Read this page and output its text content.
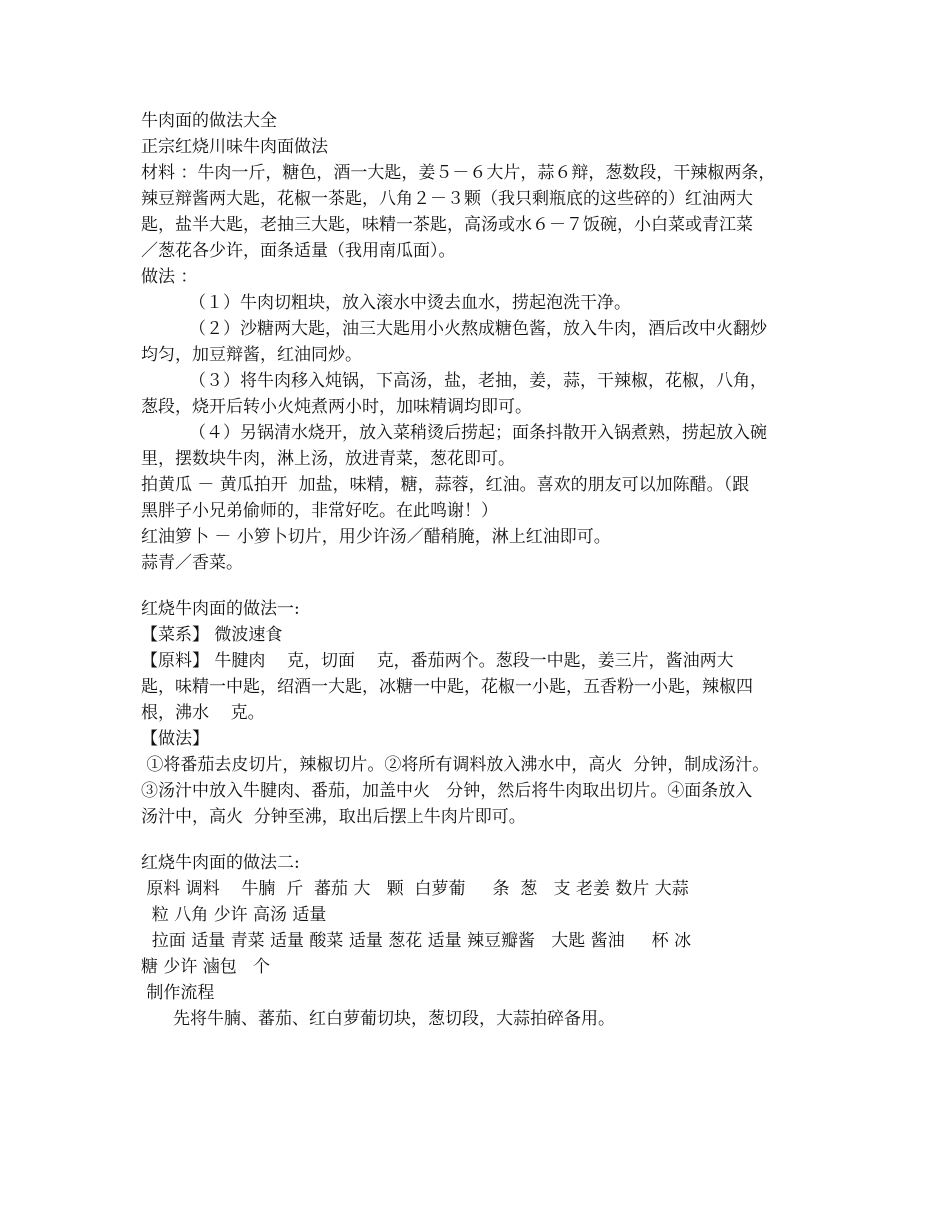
牛肉面的做法大全
正宗红烧川味牛肉面做法
材料 ：牛肉一斤，糖色，酒一大匙，姜５－６大片，蒜６辩，葱数段，干辣椒两条，
辣豆辩酱两大匙，花椒一茶匙，八角２－３颗（我只剩瓶底的这些碎的）红油两大
匙，盐半大匙，老抽三大匙，味精一茶匙，高汤或水６－７饭碗，小白菜或青江菜
／葱花各少许，面条适量（我用南瓜面）。
做法 ：
（１）牛肉切粗块，放入滚水中烫去血水，捞起泡洗干净。
（２）沙糖两大匙，油三大匙用小火熬成糖色酱，放入牛肉，酒后改中火翻炒
均匀，加豆辩酱，红油同炒。
（３）将牛肉移入炖锅，下高汤，盐，老抽，姜，蒜，干辣椒，花椒，八角，
葱段，烧开后转小火炖煮两小时，加味精调均即可。
（４）另锅清水烧开，放入菜稍烫后捞起；面条抖散开入锅煮熟，捞起放入碗
里，摆数块牛肉，淋上汤，放进青菜，葱花即可。
拍黄瓜 － 黄瓜拍开  加盐，味精，糖，蒜蓉，红油。喜欢的朋友可以加陈醋。（跟
黑胖子小兄弟偷师的，非常好吃。在此鸣谢！）
红油箩卜 － 小箩卜切片，用少许汤／醋稍腌，淋上红油即可。
蒜青／香菜。
红烧牛肉面的做法一:
【菜系】 微波速食
【原料】 牛腱肉    克，切面    克，番茄两个。葱段一中匙，姜三片，酱油两大
匙，味精一中匙，绍酒一大匙，冰糖一中匙，花椒一小匙，五香粉一小匙，辣椒四
根，沸水    克。
【做法】
①将番茄去皮切片，辣椒切片。②将所有调料放入沸水中，高火  分钟，制成汤汁。
③汤汁中放入牛腱肉、番茄，加盖中火   分钟，然后将牛肉取出切片。④面条放入
汤汁中，高火  分钟至沸，取出后摆上牛肉片即可。
红烧牛肉面的做法二:
原料 调料    牛腩  斤  蕃茄 大   颗  白萝葡     条  葱   支 老姜 数片 大蒜
粒 八角 少许 高汤 适量
拉面 适量 青菜 适量 酸菜 适量 葱花 适量 辣豆瓣酱   大匙 酱油     杯 冰
糖 少许 滷包   个
制作流程
先将牛腩、蕃茄、红白萝葡切块，葱切段，大蒜拍碎备用。
